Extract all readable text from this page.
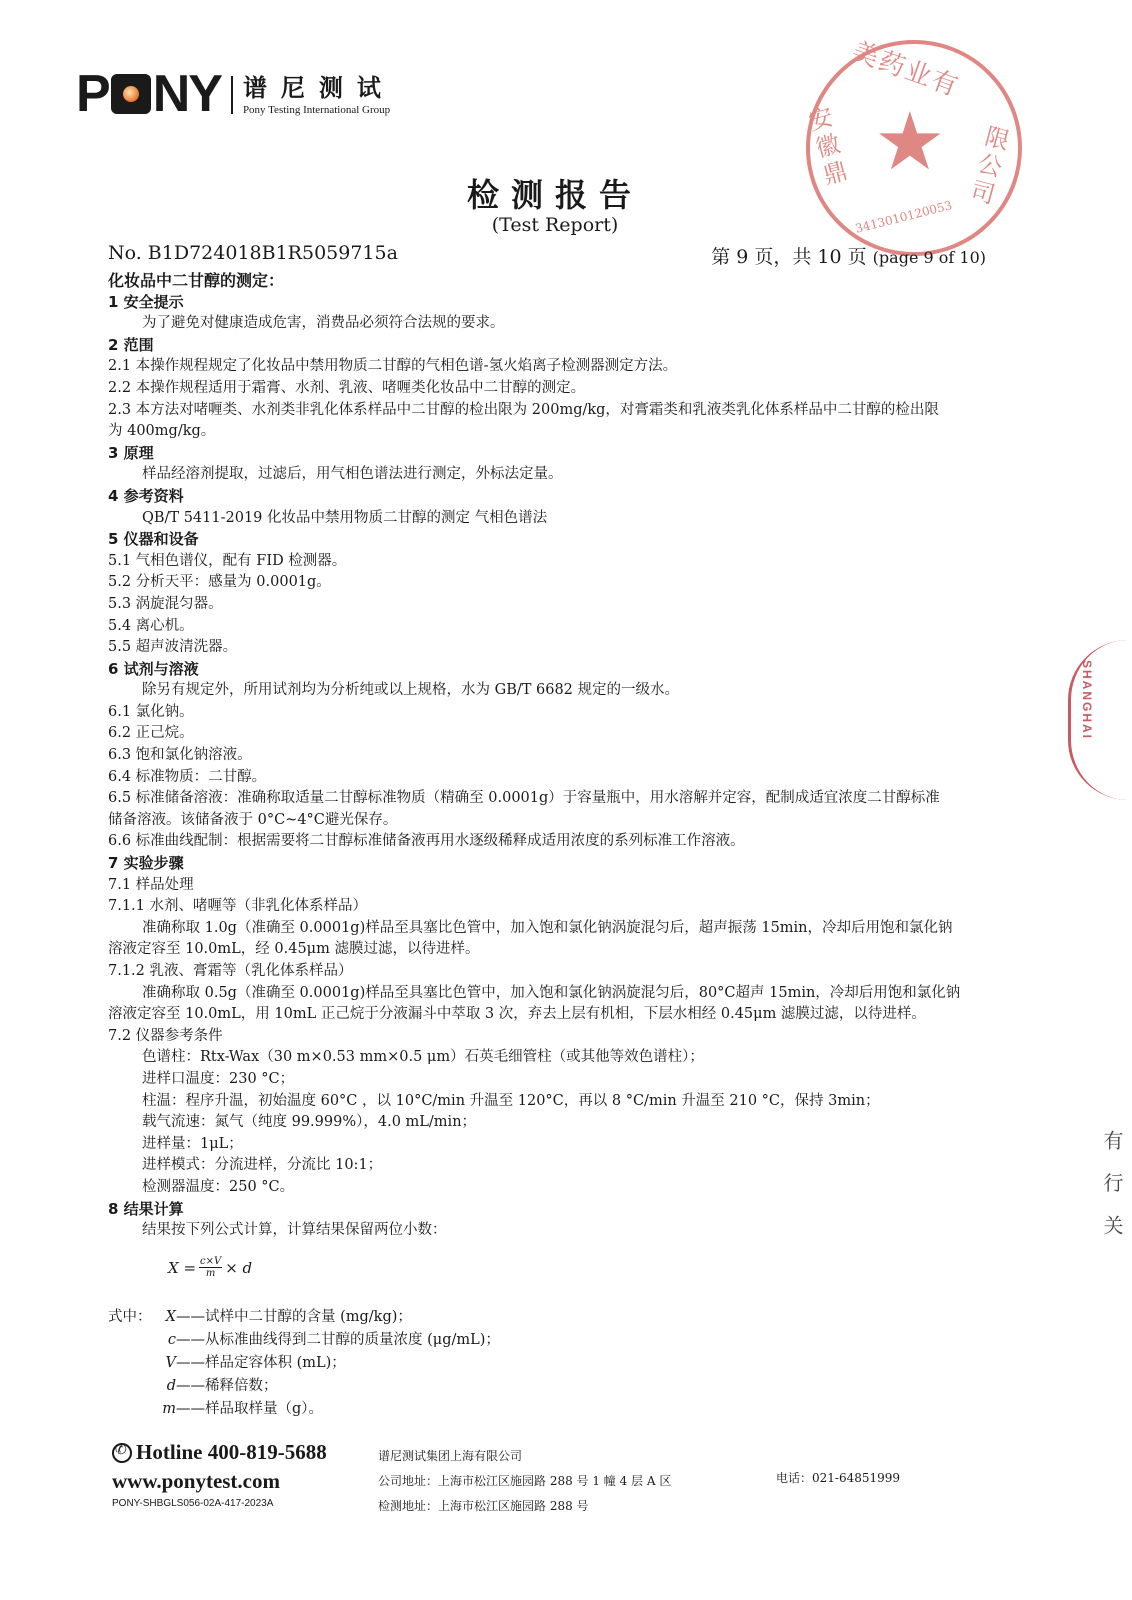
P NY 谱尼测试
Pony Testing International Group
美药业有
安徽鼎
限公司
★
3413010120053
检测报告
(Test Report)
No. B1D724018B1R5059715a	第 9 页，共 10 页 (page 9 of 10)
化妆品中二甘醇的测定：
1 安全提示
为了避免对健康造成危害，消费品必须符合法规的要求。
2 范围
2.1 本操作规程规定了化妆品中禁用物质二甘醇的气相色谱-氢火焰离子检测器测定方法。
2.2 本操作规程适用于霜膏、水剂、乳液、啫喱类化妆品中二甘醇的测定。
2.3 本方法对啫喱类、水剂类非乳化体系样品中二甘醇的检出限为 200mg/kg，对膏霜类和乳液类乳化体系样品中二甘醇的检出限
为 400mg/kg。
3 原理
样品经溶剂提取，过滤后，用气相色谱法进行测定，外标法定量。
4 参考资料
QB/T 5411-2019 化妆品中禁用物质二甘醇的测定 气相色谱法
5 仪器和设备
5.1 气相色谱仪，配有 FID 检测器。
5.2 分析天平：感量为 0.0001g。
5.3 涡旋混匀器。
5.4 离心机。
5.5 超声波清洗器。
6 试剂与溶液
除另有规定外，所用试剂均为分析纯或以上规格，水为 GB/T 6682 规定的一级水。
6.1 氯化钠。
6.2 正己烷。
6.3 饱和氯化钠溶液。
6.4 标准物质：二甘醇。
6.5 标准储备溶液：准确称取适量二甘醇标准物质（精确至 0.0001g）于容量瓶中，用水溶解并定容，配制成适宜浓度二甘醇标准
储备溶液。该储备液于 0°C~4°C避光保存。
6.6 标准曲线配制：根据需要将二甘醇标准储备液再用水逐级稀释成适用浓度的系列标准工作溶液。
7 实验步骤
7.1 样品处理
7.1.1 水剂、啫喱等（非乳化体系样品）
准确称取 1.0g（准确至 0.0001g)样品至具塞比色管中，加入饱和氯化钠涡旋混匀后，超声振荡 15min，冷却后用饱和氯化钠
溶液定容至 10.0mL，经 0.45μm 滤膜过滤，以待进样。
7.1.2 乳液、膏霜等（乳化体系样品）
准确称取 0.5g（准确至 0.0001g)样品至具塞比色管中，加入饱和氯化钠涡旋混匀后，80°C超声 15min，冷却后用饱和氯化钠
溶液定容至 10.0mL，用 10mL 正己烷于分液漏斗中萃取 3 次，弃去上层有机相，下层水相经 0.45μm 滤膜过滤，以待进样。
7.2 仪器参考条件
色谱柱：Rtx-Wax（30 m×0.53 mm×0.5 μm）石英毛细管柱（或其他等效色谱柱）；
进样口温度：230 °C；
柱温：程序升温，初始温度 60°C ，以 10°C/min 升温至 120°C，再以 8 °C/min 升温至 210 °C，保持 3min；
载气流速：氮气（纯度 99.999%），4.0 mL/min；
进样量：1μL；
进样模式：分流进样，分流比 10:1；
检测器温度：250 °C。
8 结果计算
结果按下列公式计算，计算结果保留两位小数：
$X = \frac{c\times V}{m} \times d$
式中： X——试样中二甘醇的含量 (mg/kg)；
c——从标准曲线得到二甘醇的质量浓度 (μg/mL)；
V——样品定容体积 (mL)；
d——稀释倍数；
m——样品取样量（g）。
✆
Hotline 400-819-5688
www.ponytest.com
PONY-SHBGLS056-02A-417-2023A
谱尼测试集团上海有限公司
公司地址：上海市松江区施园路 288 号 1 幢 4 层 A 区
检测地址：上海市松江区施园路 288 号
电话：021-64851999
SHANGHAI
有 行 关
